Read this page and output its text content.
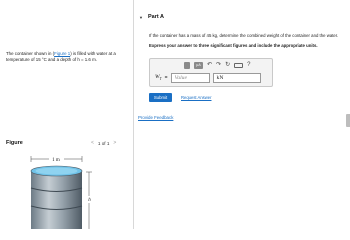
The container shown in (Figure 1) is filled with water at a temperature of 15 °C and a depth of h = 1.6 m.
Figure	< 1 of 1 >
1 m
h
▼ Part A
If the container has a mass of 45 kg, determine the combined weight of the container and the water.
Express your answer to three significant figures and include the appropriate units.
μA	↶ ↷ ↻	?
$W_T$ =	Value	kN
Submit	Request Answer
Provide Feedback
